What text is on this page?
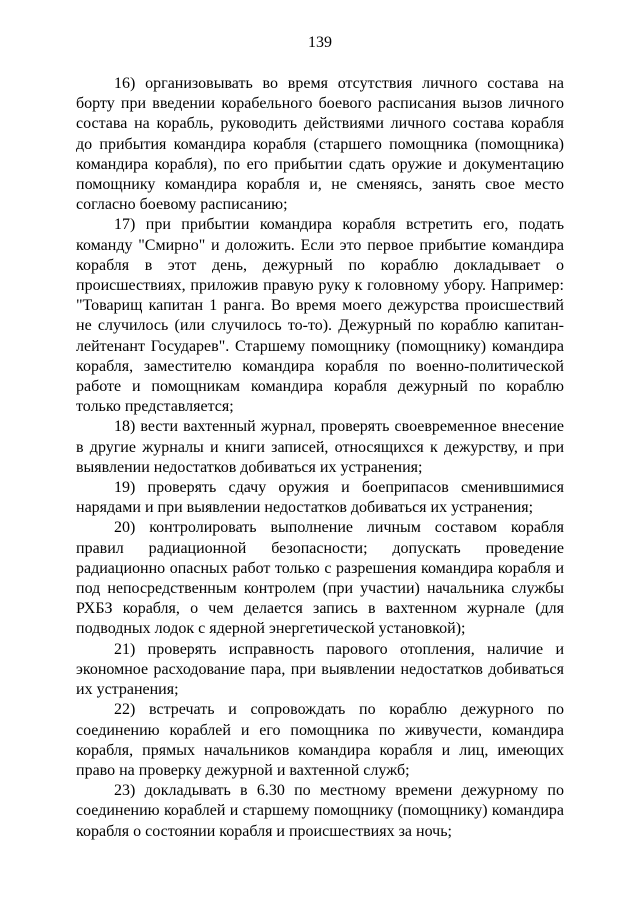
139

16) организовывать во время отсутствия личного состава на борту при введении корабельного боевого расписания вызов личного состава на корабль, руководить действиями личного состава корабля до прибытия командира корабля (старшего помощника (помощника) командира корабля), по его прибытии сдать оружие и документацию помощнику командира корабля и, не сменяясь, занять свое место согласно боевому расписанию;

17) при прибытии командира корабля встретить его, подать команду "Смирно" и доложить. Если это первое прибытие командира корабля в этот день, дежурный по кораблю докладывает о происшествиях, приложив правую руку к головному убору. Например: "Товарищ капитан 1 ранга. Во время моего дежурства происшествий не случилось (или случилось то-то). Дежурный по кораблю капитан-лейтенант Государев". Старшему помощнику (помощнику) командира корабля, заместителю командира корабля по военно-политической работе и помощникам командира корабля дежурный по кораблю только представляется;

18) вести вахтенный журнал, проверять своевременное внесение в другие журналы и книги записей, относящихся к дежурству, и при выявлении недостатков добиваться их устранения;

19) проверять сдачу оружия и боеприпасов сменившимися нарядами и при выявлении недостатков добиваться их устранения;

20) контролировать выполнение личным составом корабля правил радиационной безопасности; допускать проведение радиационно опасных работ только с разрешения командира корабля и под непосредственным контролем (при участии) начальника службы РХБЗ корабля, о чем делается запись в вахтенном журнале (для подводных лодок с ядерной энергетической установкой);

21) проверять исправность парового отопления, наличие и экономное расходование пара, при выявлении недостатков добиваться их устранения;

22) встречать и сопровождать по кораблю дежурного по соединению кораблей и его помощника по живучести, командира корабля, прямых начальников командира корабля и лиц, имеющих право на проверку дежурной и вахтенной служб;

23) докладывать в 6.30 по местному времени дежурному по соединению кораблей и старшему помощнику (помощнику) командира корабля о состоянии корабля и происшествиях за ночь;
